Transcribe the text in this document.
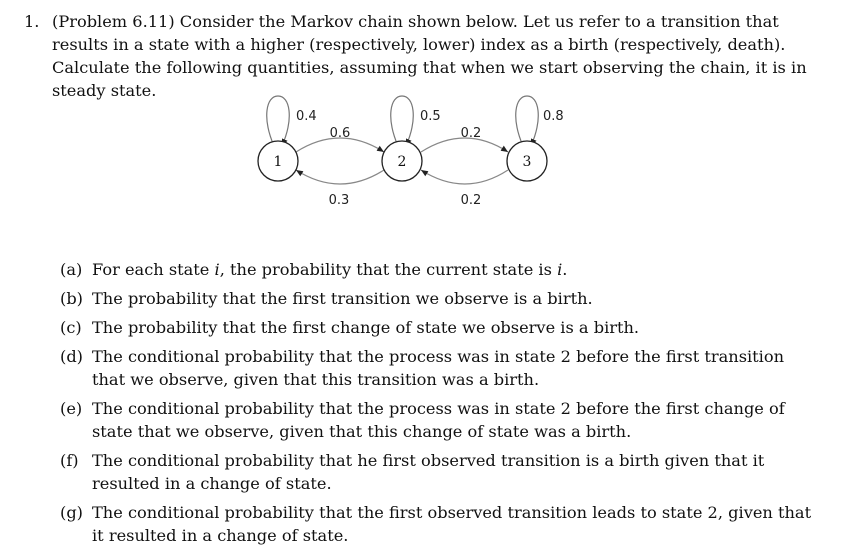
1. (Problem 6.11) Consider the Markov chain shown below. Let us refer to a transition that results in a state with a higher (respectively, lower) index as a birth (respectively, death). Calculate the following quantities, assuming that when we start observing the chain, it is in steady state.
1	2	3
0.4	0.5	0.8
0.6	0.2
0.3	0.2
(a) For each state i, the probability that the current state is i.
(b) The probability that the first transition we observe is a birth.
(c) The probability that the first change of state we observe is a birth.
(d) The conditional probability that the process was in state 2 before the first transition that we observe, given that this transition was a birth.
(e) The conditional probability that the process was in state 2 before the first change of state that we observe, given that this change of state was a birth.
(f) The conditional probability that he first observed transition is a birth given that it resulted in a change of state.
(g) The conditional probability that the first observed transition leads to state 2, given that it resulted in a change of state.
